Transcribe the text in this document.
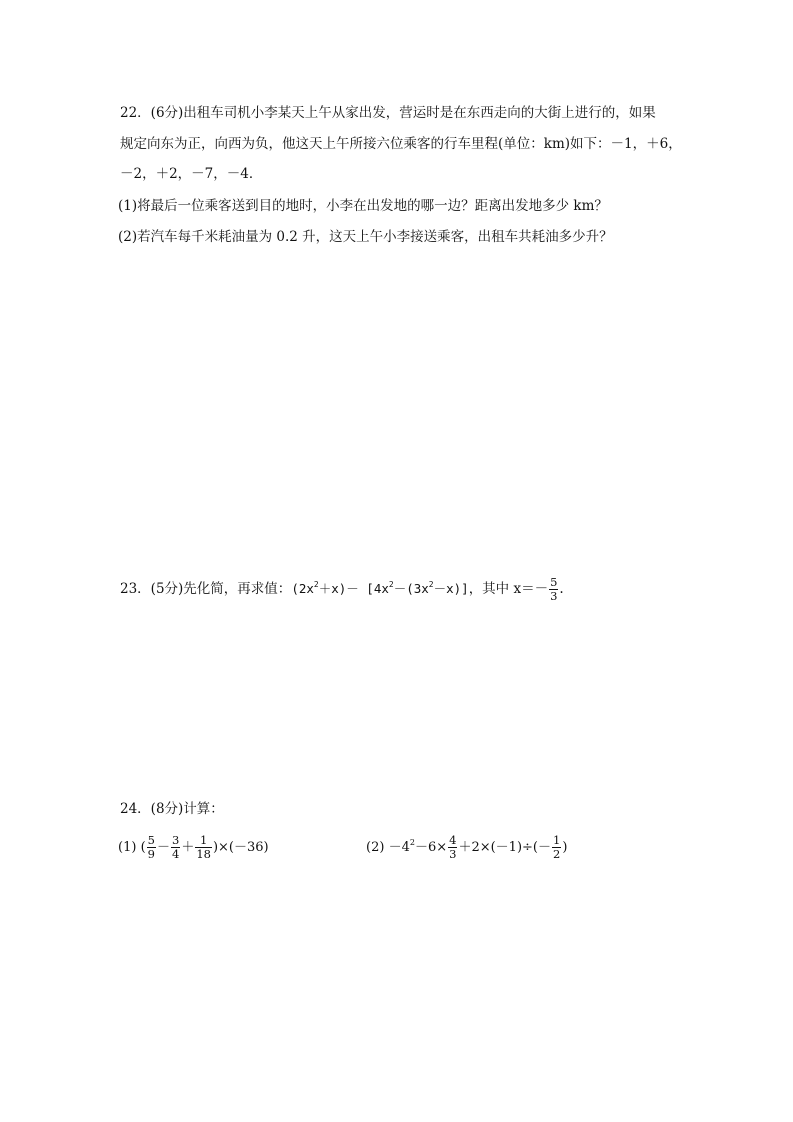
22．(6分)出租车司机小李某天上午从家出发，营运时是在东西走向的大街上进行的，如果
规定向东为正，向西为负，他这天上午所接六位乘客的行车里程(单位：km)如下：－1，＋6，
－2，＋2，－7，－4．
(1)将最后一位乘客送到目的地时，小李在出发地的哪一边？距离出发地多少 km？
(2)若汽车每千米耗油量为 0.2 升，这天上午小李接送乘客，出租车共耗油多少升？
23．(5分)先化简，再求值：$(2x^2+x)- [4x^2-(3x^2-x)]$，其中 $x=- \frac{5}{3}$ .
24．(8分)计算：
(1) ( $\frac{5}{9} - \frac{3}{4} + \frac{1}{18} )\times(-36)$	$(2) -4^2-6\times \frac{4}{3} +2\times(-1)\div(- \frac{1}{2}$ )
